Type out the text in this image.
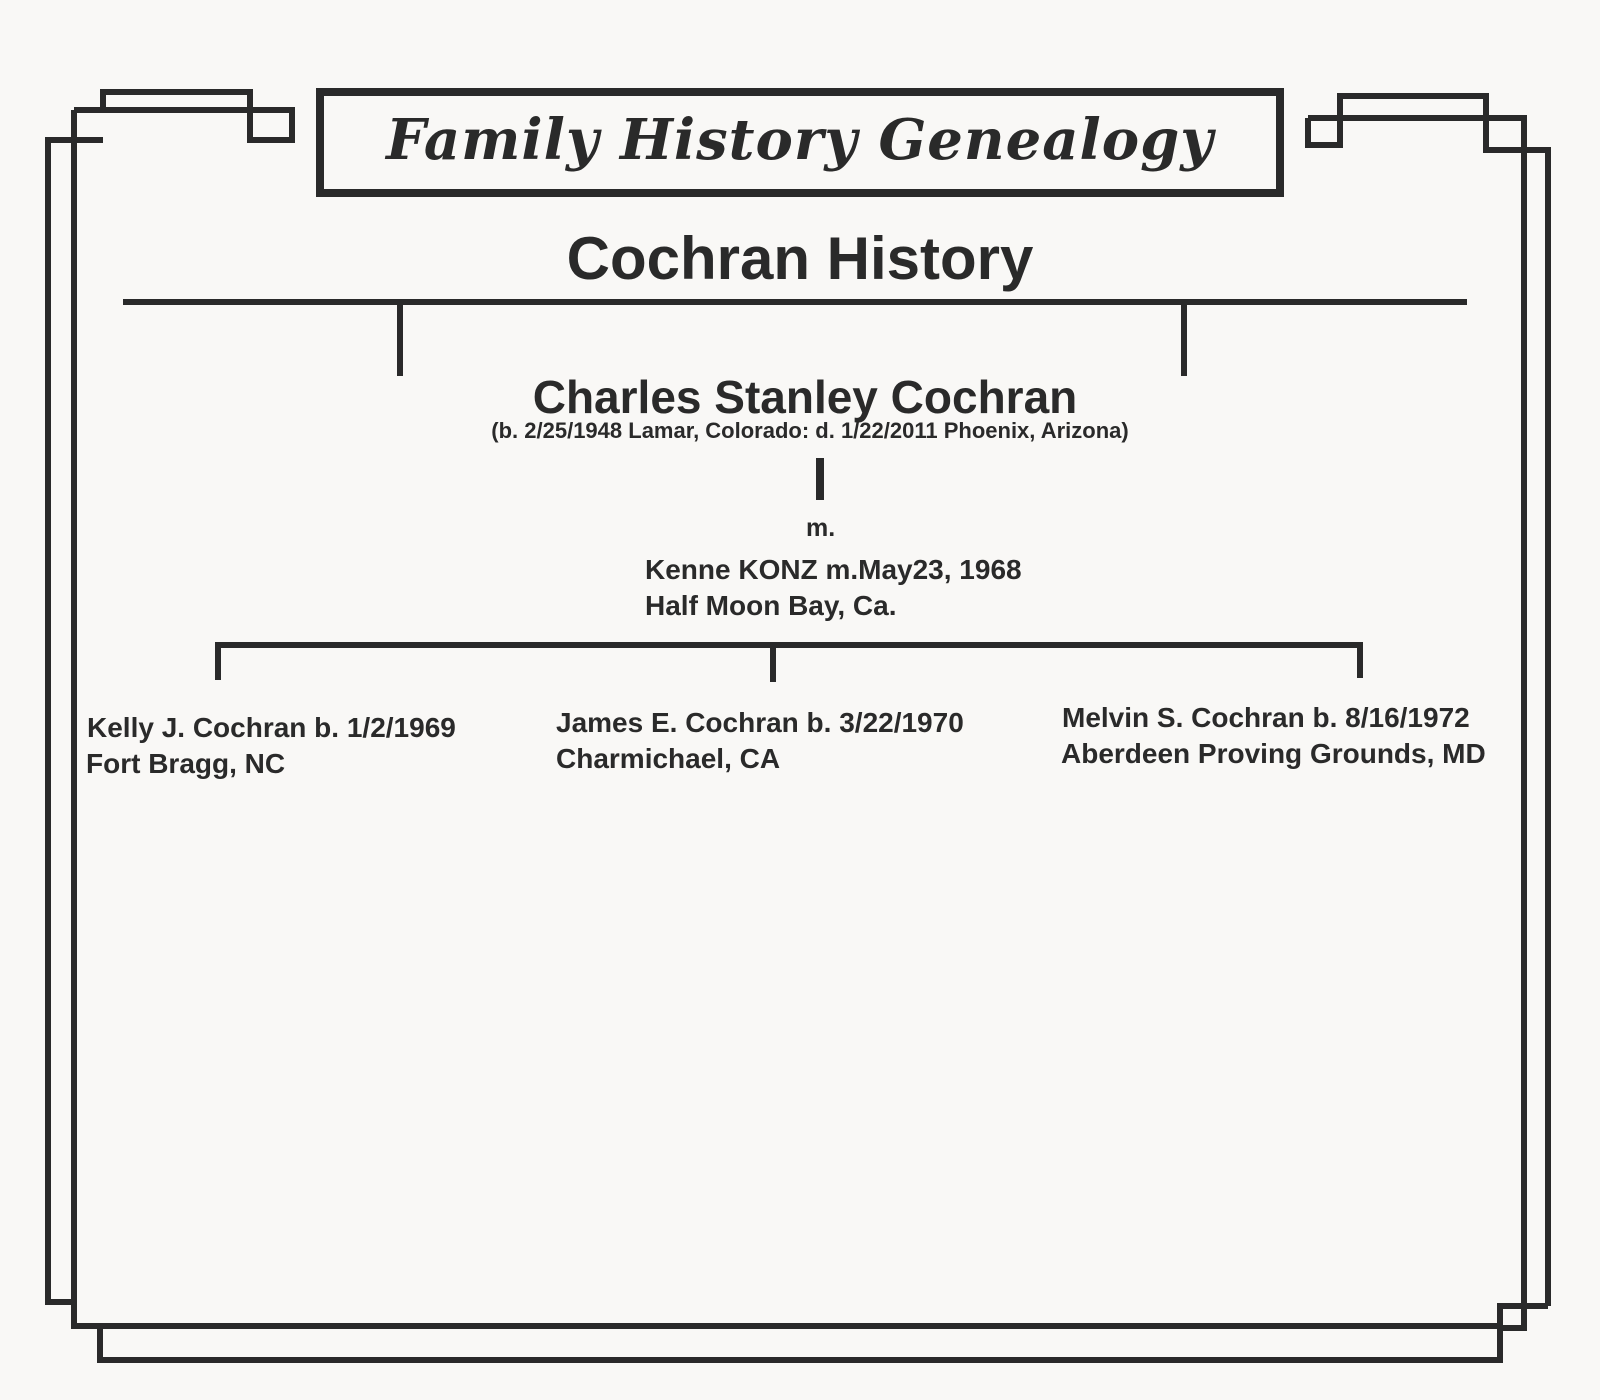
Family History Genealogy
Cochran History
Charles Stanley Cochran
(b. 2/25/1948 Lamar, Colorado: d. 1/22/2011 Phoenix, Arizona)
m.
Kenne KONZ m.May23, 1968
Half Moon Bay, Ca.
Kelly J. Cochran b. 1/2/1969
Fort Bragg, NC
James E. Cochran b. 3/22/1970
Charmichael, CA
Melvin S. Cochran b. 8/16/1972
Aberdeen Proving Grounds, MD
